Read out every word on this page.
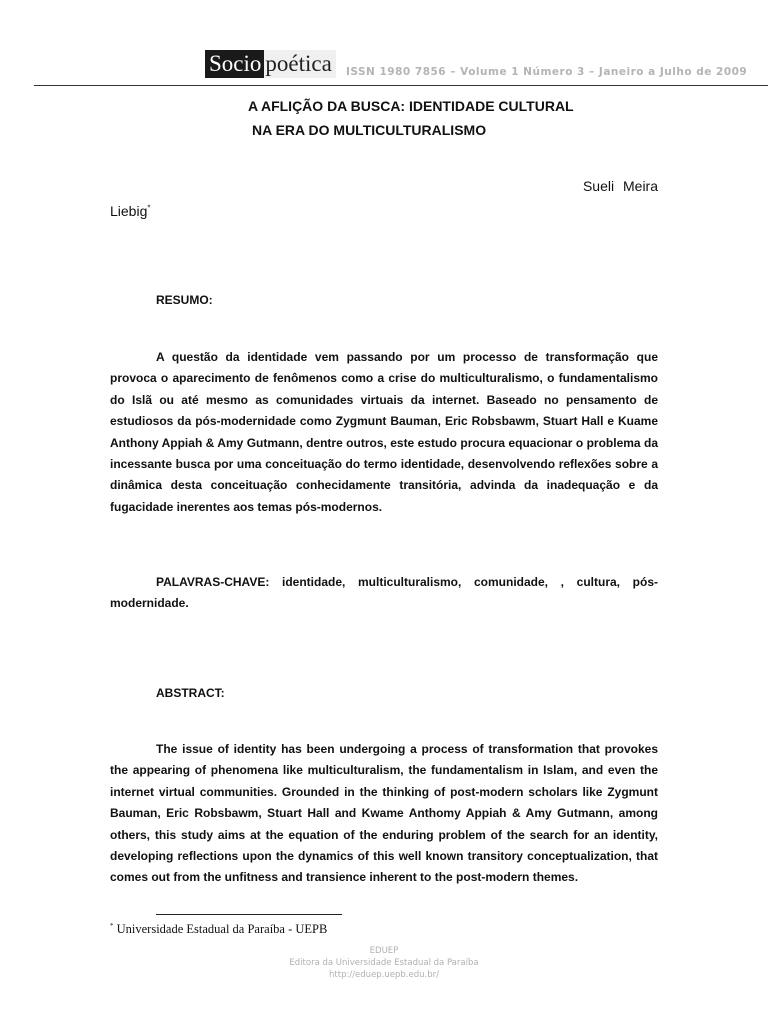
Socio poética	ISSN 1980 7856 – Volume 1 Número 3 – Janeiro a Julho de 2009
A AFLIÇÃO DA BUSCA: IDENTIDADE CULTURAL
NA ERA DO MULTICULTURALISMO
Sueli Meira
Liebig*
RESUMO:
A questão da identidade vem passando por um processo de transformação que provoca o aparecimento de fenômenos como a crise do multiculturalismo, o fundamentalismo do Islã ou até mesmo as comunidades virtuais da internet. Baseado no pensamento de estudiosos da pós-modernidade como Zygmunt Bauman, Eric Robsbawm, Stuart Hall e Kuame Anthony Appiah & Amy Gutmann, dentre outros, este estudo procura equacionar o problema da incessante busca por uma conceituação do termo identidade, desenvolvendo reflexões sobre a dinâmica desta conceituação conhecidamente transitória, advinda da inadequação e da fugacidade inerentes aos temas pós-modernos.
PALAVRAS-CHAVE: identidade, multiculturalismo, comunidade, , cultura, pós-modernidade.
ABSTRACT:
The issue of identity has been undergoing a process of transformation that provokes the appearing of phenomena like multiculturalism, the fundamentalism in Islam, and even the internet virtual communities. Grounded in the thinking of post-modern scholars like Zygmunt Bauman, Eric Robsbawm, Stuart Hall and Kwame Anthomy Appiah & Amy Gutmann, among others, this study aims at the equation of the enduring problem of the search for an identity, developing reflections upon the dynamics of this well known transitory conceptualization, that comes out from the unfitness and transience inherent to the post-modern themes.
* Universidade Estadual da Paraíba - UEPB
EDUEP
Editora da Universidade Estadual da Paraíba
http://eduep.uepb.edu.br/
